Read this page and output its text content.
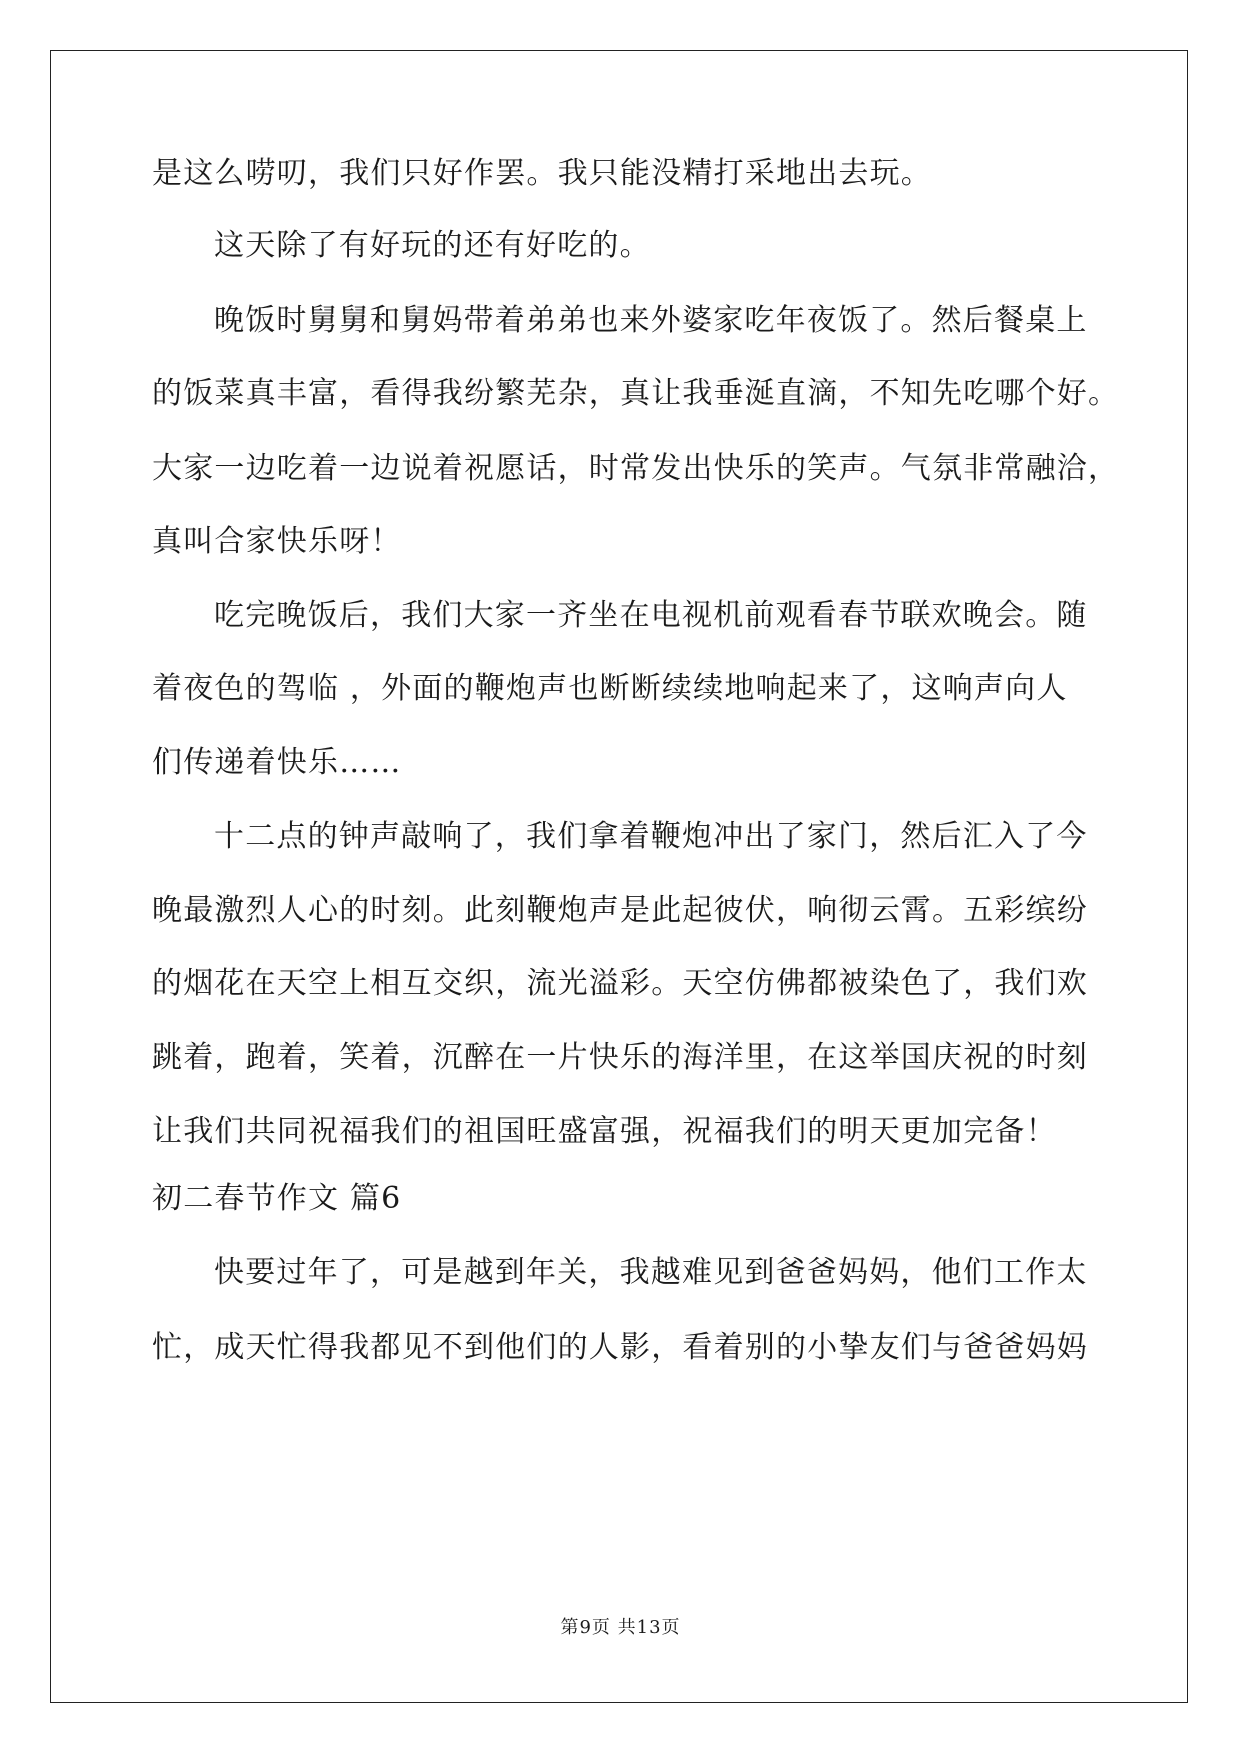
是这么唠叨，我们只好作罢。我只能没精打采地出去玩。
这天除了有好玩的还有好吃的。
晚饭时舅舅和舅妈带着弟弟也来外婆家吃年夜饭了。然后餐桌上
的饭菜真丰富，看得我纷繁芜杂，真让我垂涎直滴，不知先吃哪个好。
大家一边吃着一边说着祝愿话，时常发出快乐的笑声。气氛非常融洽，
真叫合家快乐呀！
吃完晚饭后，我们大家一齐坐在电视机前观看春节联欢晚会。随
着夜色的驾临 ，外面的鞭炮声也断断续续地响起来了，这响声向人
们传递着快乐……
十二点的钟声敲响了，我们拿着鞭炮冲出了家门，然后汇入了今
晚最激烈人心的时刻。此刻鞭炮声是此起彼伏，响彻云霄。五彩缤纷
的烟花在天空上相互交织，流光溢彩。天空仿佛都被染色了，我们欢
跳着，跑着，笑着，沉醉在一片快乐的海洋里，在这举国庆祝的时刻
让我们共同祝福我们的祖国旺盛富强，祝福我们的明天更加完备！
初二春节作文 篇6
快要过年了，可是越到年关，我越难见到爸爸妈妈，他们工作太
忙，成天忙得我都见不到他们的人影，看着别的小挚友们与爸爸妈妈
第9页 共13页
